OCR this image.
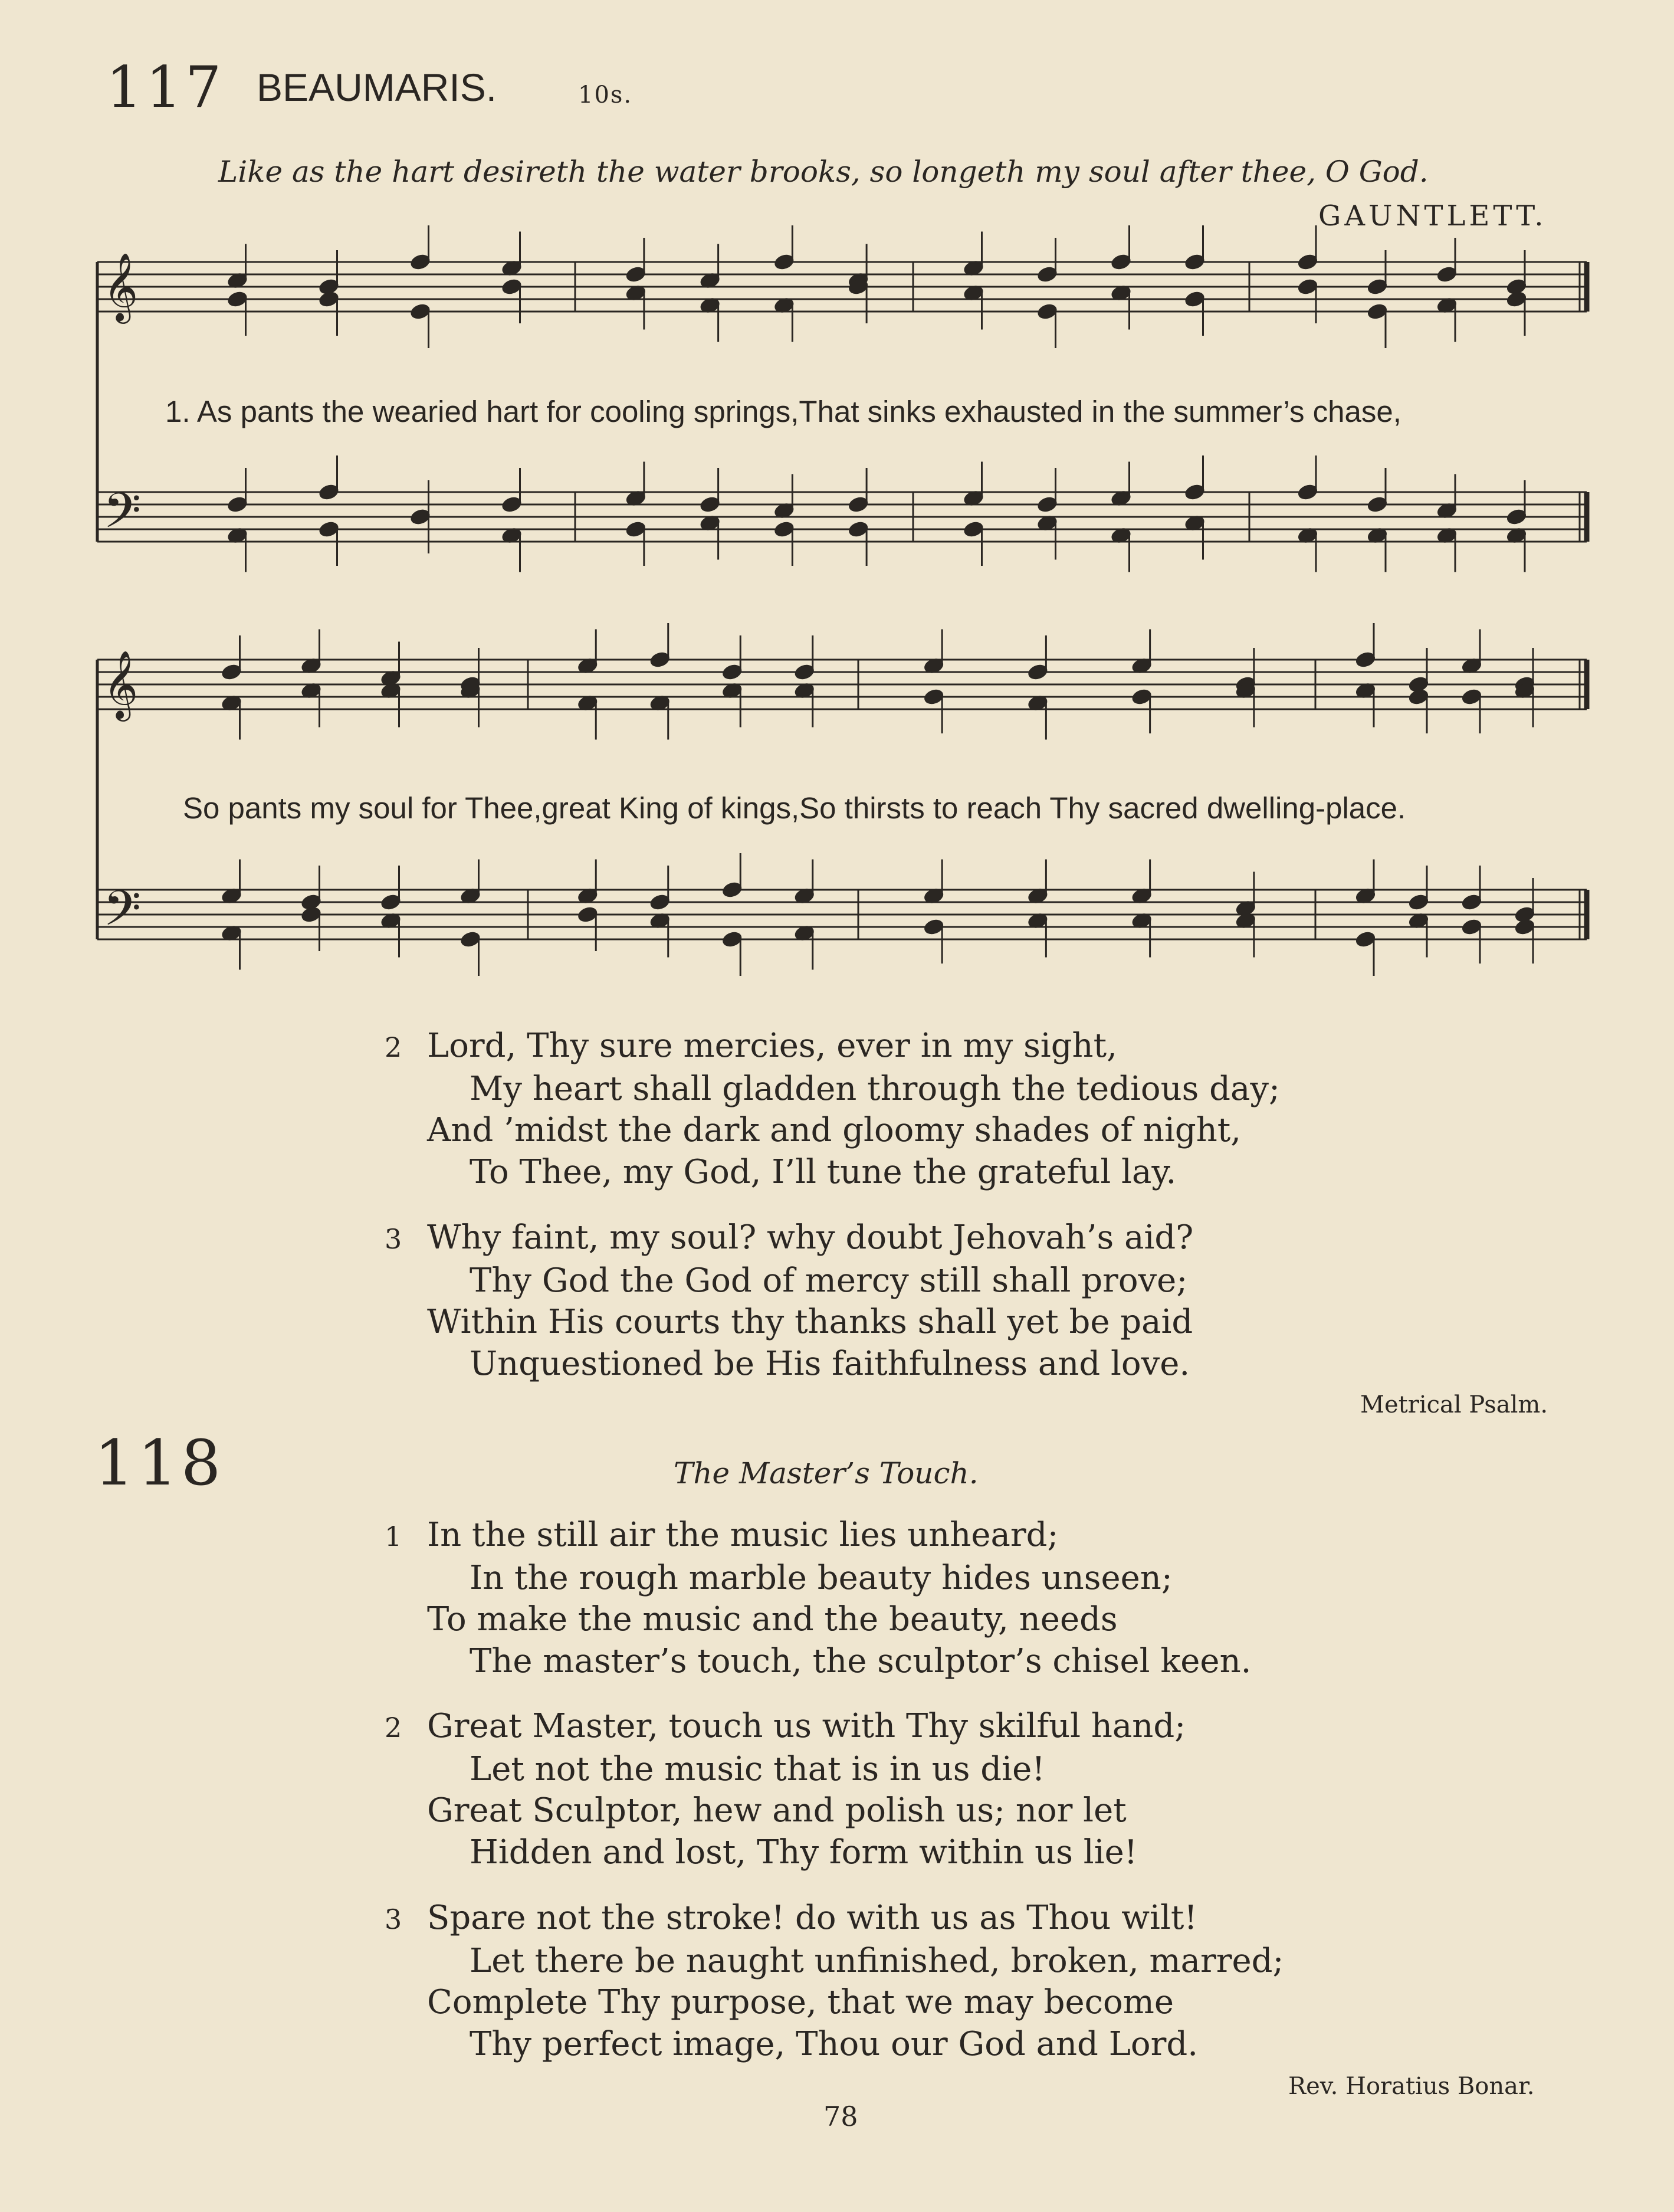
117 BEAUMARIS.	10s.
Like as the hart desireth the water brooks, so longeth my soul after thee, O God.
GAUNTLETT.
𝄞
𝄢
𝄞
𝄢
1. As pants the wearied hart for cooling springs,That sinks exhausted in the summer’s chase,
So pants my soul for Thee,great King of kings,So thirsts to reach Thy sacred dwelling-place.
2 Lord, Thy sure mercies, ever in my sight,
My heart shall gladden through the tedious day;
And ’midst the dark and gloomy shades of night,
To Thee, my God, I’ll tune the grateful lay.
3 Why faint, my soul? why doubt Jehovah’s aid?
Thy God the God of mercy still shall prove;
Within His courts thy thanks shall yet be paid
Unquestioned be His faithfulness and love.
Metrical Psalm.
118	The Master’s Touch.
1 In the still air the music lies unheard;
In the rough marble beauty hides unseen;
To make the music and the beauty, needs
The master’s touch, the sculptor’s chisel keen.
2 Great Master, touch us with Thy skilful hand;
Let not the music that is in us die!
Great Sculptor, hew and polish us; nor let
Hidden and lost, Thy form within us lie!
3 Spare not the stroke! do with us as Thou wilt!
Let there be naught unfinished, broken, marred;
Complete Thy purpose, that we may become
Thy perfect image, Thou our God and Lord.
Rev. Horatius Bonar.
78
